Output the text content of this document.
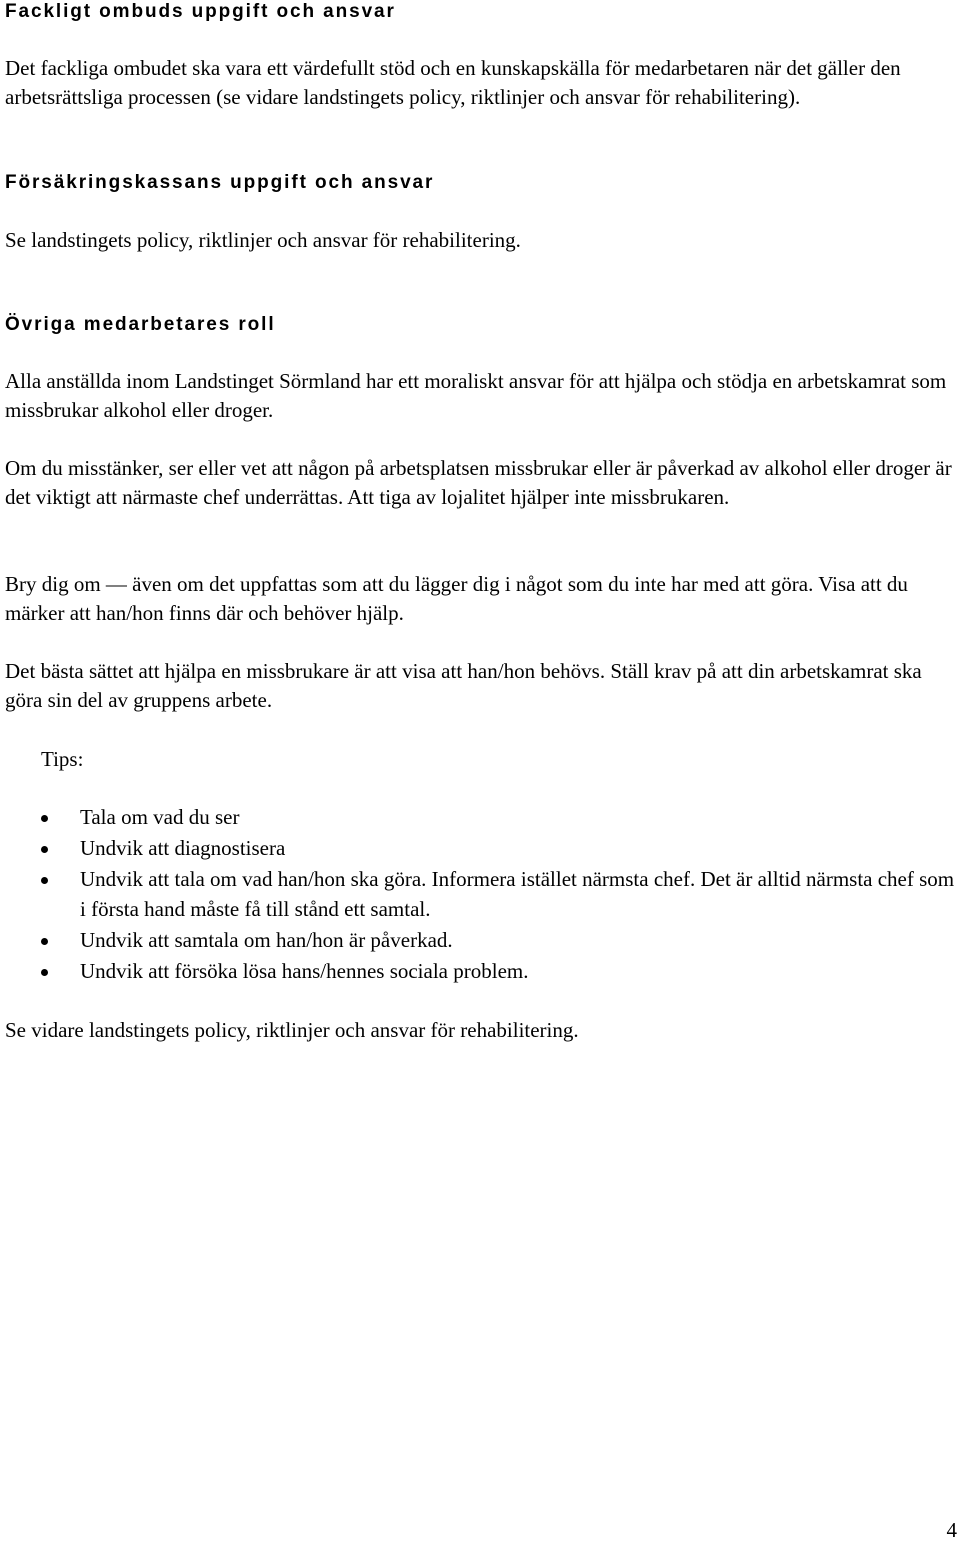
Fackligt ombuds uppgift och ansvar

Det fackliga ombudet ska vara ett värdefullt stöd och en kunskapskälla för medarbetaren när det gäller den arbetsrättsliga processen (se vidare landstingets policy, riktlinjer och ansvar för rehabilitering).

Försäkringskassans uppgift och ansvar

Se landstingets policy, riktlinjer och ansvar för rehabilitering.

Övriga medarbetares roll

Alla anställda inom Landstinget Sörmland har ett moraliskt ansvar för att hjälpa och stödja en arbetskamrat som missbrukar alkohol eller droger.

Om du misstänker, ser eller vet att någon på arbetsplatsen missbrukar eller är påverkad av alkohol eller droger är det viktigt att närmaste chef underrättas. Att tiga av lojalitet hjälper inte missbrukaren.

Bry dig om — även om det uppfattas som att du lägger dig i något som du inte har med att göra. Visa att du märker att han/hon finns där och behöver hjälp.

Det bästa sättet att hjälpa en missbrukare är att visa att han/hon behövs. Ställ krav på att din arbetskamrat ska göra sin del av gruppens arbete.

Tips:
Tala om vad du ser
Undvik att diagnostisera
Undvik att tala om vad han/hon ska göra. Informera istället närmsta chef. Det är alltid närmsta chef som i första hand måste få till stånd ett samtal.
Undvik att samtala om han/hon är påverkad.
Undvik att försöka lösa hans/hennes sociala problem.

Se vidare landstingets policy, riktlinjer och ansvar för rehabilitering.

4
